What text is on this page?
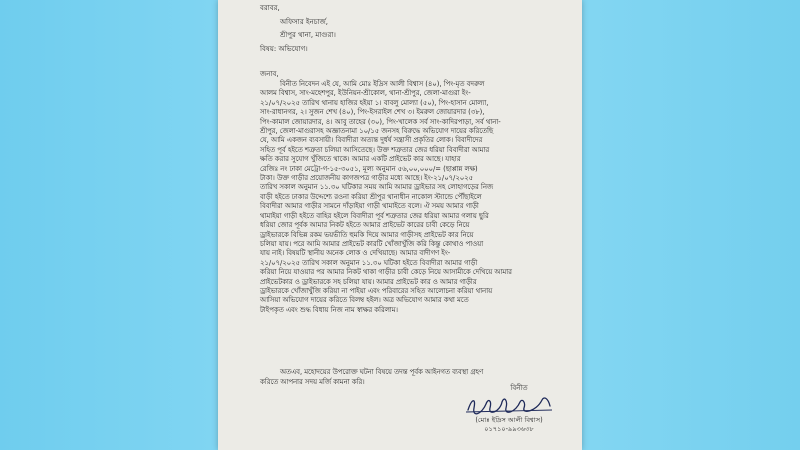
বরাবর,

অফিসার ইনচার্জ,

শ্রীপুর থানা, মাগুরা।

বিষয়: অভিযোগ।
জনাব,

বিনীত নিবেদন এই যে, আমি মোঃ ইদ্রিস আলী বিশ্বাস (৪০), পিং-মৃত বদরুল

আলম বিশ্বাস, সাং-মহেশপুর, ইউনিয়ন-শ্রীকোল, থানা-শ্রীপুর, জেলা-মাগুরা ইং-

২১/০৭/২০২৫ তারিখ থানায় হাজির হইয়া ১। বাবলু মোল্যা (৫০), পিং-হাসান মোল্যা,

সাং-রাধানগর, ২। সুজন শেখ (৪০), পিং-ইসরাইল শেখ ৩। ইমরুল জোয়ারদার (৩৮),

পিং-কামাল জোয়ারদার, ৪। আবু তাহের (৩০), পিং-খালেক সর্ব সাং-কাদিরপাড়া, সর্ব থানা-

শ্রীপুর, জেলা-মাগুরাসহ অজ্ঞাতনামা ১০/১৫ জনসহ বিরুদ্ধে অভিযোগ দায়ের করিতেছি

যে, আমি একজন ব্যবসায়ী। বিবাদীরা অত্যন্ত দুর্ধর্ষ সন্ত্রাসী প্রকৃতির লোক। বিবাদীদের

সহিত পূর্ব হইতে শত্রুতা চলিয়া আসিতেছে। উক্ত শত্রুতার জের ধরিয়া বিবাদীরা আমার

ক্ষতি করার সুযোগ খুঁজিতে থাকে। আমার একটি প্রাইভেট কার আছে। যাহার

রেজিঃ নং ঢাকা মেট্রো-গ-১৫-৩০৫১, মূল্য অনুমান ৫৬,০০,০০০/= (ছাপ্পান্ন লক্ষ)

টাকা। উক্ত গাড়ীর প্রয়োজনীয় কাগজপত্র গাড়ীর মধ্যে আছে। ইং-২১/০৭/২০২৫

তারিখ সকাল অনুমান ১১.৩০ ঘটিকার সময় আমি আমার ড্রাইভার সহ লোহাগড়ের নিজ

বাড়ী হইতে ঢাকার উদ্দেশ্যে রওনা করিয়া শ্রীপুর থানাধীন নাকোল স্ট্যান্ডে পৌঁছাইলে

বিবাদীরা আমার গাড়ীর সামনে দাঁড়াইয়া গাড়ী থামাইতে বলে। ঐ সময় আমার গাড়ী

থামাইয়া গাড়ী হইতে বাহির হইলে বিবাদীরা পূর্ব শত্রুতার জের ধরিয়া আমার গলায় ছুরি

ধরিয়া জোর পূর্বক আমার নিকট হইতে আমার প্রাইভেট কারের চাবী কেড়ে নিয়ে

ড্রাইভারকে বিভিন্ন রকম ভয়ভীতি হুমকি দিয়ে আমার গাড়ীসহ প্রাইভেট কার নিয়ে

চলিয়া যায়। পরে আমি আমার প্রাইভেট কারটি খোঁজাখুঁজি করি কিন্তু কোথাও পাওয়া

যায় নাই। বিষয়টি স্থানীয় অনেক লোক ও দেখিয়াছে। আমার বাদীগণ ইং-

২১/০৭/২০২৫ তারিখ সকাল অনুমান ১১.৩০ ঘটিকা হইতে বিবাদীরা আমার গাড়ী

করিয়া নিয়ে যাওয়ার পর আমার নিকট থাকা গাড়ীর চাবী কেড়ে নিয়ে আসামীকে দেখিয়ে আমার

প্রাইভেটকার ও ড্রাইভারকে সহ চলিয়া যায়। আমার প্রাইভেট কার ও আমার গাড়ীর

ড্রাইভারকে খোঁজাখুঁজি করিয়া না পাইয়া এবং পরিবারের সহিত আলোচনা করিয়া থানায়

আসিয়া অভিযোগ দায়ের করিতে বিলম্ব হইল। অত্র অভিযোগ আমার কথা মতে

টাইপকৃত এবং শুদ্ধ বিধায় নিজ নাম স্বাক্ষর করিলাম।

অতএব, মহোদয়ের উপরোক্ত ঘটনা বিষয়ে তদন্ত পূর্বক আইনগত ব্যবস্থা গ্রহণ

করিতে আপনার সদয় মর্জি কামনা করি।

বিনীত

(মোঃ ইদ্রিস আলী বিশ্বাস)

০১৭১০-৯৯৩৬৩৮
